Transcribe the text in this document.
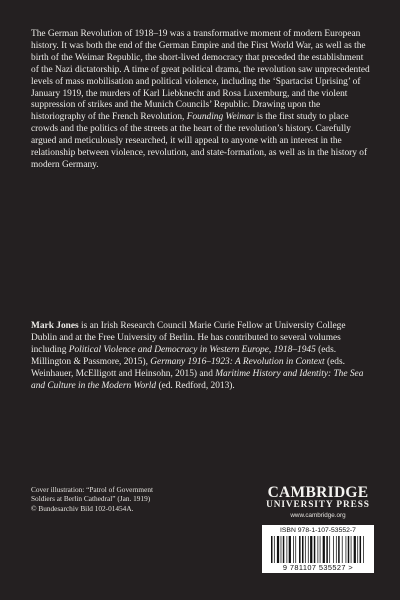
The German Revolution of 1918–19 was a transformative moment of modern European history. It was both the end of the German Empire and the First World War, as well as the birth of the Weimar Republic, the short-lived democracy that preceded the establishment of the Nazi dictatorship. A time of great political drama, the revolution saw unprecedented levels of mass mobilisation and political violence, including the ‘Spartacist Uprising’ of January 1919, the murders of Karl Liebknecht and Rosa Luxemburg, and the violent suppression of strikes and the Munich Councils’ Republic. Drawing upon the historiography of the French Revolution, Founding Weimar is the first study to place crowds and the politics of the streets at the heart of the revolution’s history. Carefully argued and meticulously researched, it will appeal to anyone with an interest in the relationship between violence, revolution, and state-formation, as well as in the history of modern Germany.

Mark Jones is an Irish Research Council Marie Curie Fellow at University College Dublin and at the Free University of Berlin. He has contributed to several volumes including Political Violence and Democracy in Western Europe, 1918–1945 (eds. Millington & Passmore, 2015), Germany 1916–1923: A Revolution in Context (eds. Weinhauer, McElligott and Heinsohn, 2015) and Maritime History and Identity: The Sea and Culture in the Modern World (ed. Redford, 2013).

Cover illustration: “Patrol of Government
Soldiers at Berlin Cathedral” (Jan. 1919)
© Bundesarchiv Bild 102-01454A.
CAMBRIDGE
UNIVERSITY PRESS
www.cambridge.org
ISBN 978-1-107-53552-7
9 781107 535527 >
